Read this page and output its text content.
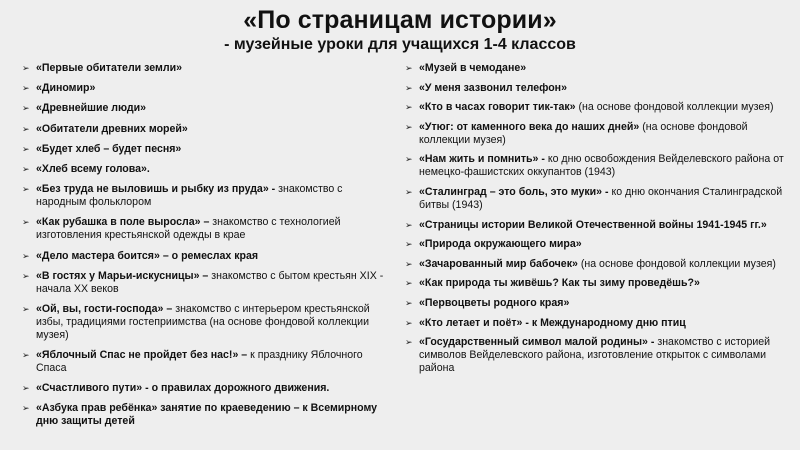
«По страницам истории»
- музейные уроки для учащихся 1-4 классов
➢ «Первые обитатели земли»
➢ «Диномир»
➢ «Древнейшие люди»
➢ «Обитатели древних морей»
➢ «Будет хлеб – будет песня»
➢ «Хлеб всему голова».
➢ «Без труда не выловишь и рыбку из пруда» - знакомство с народным фольклором
➢ «Как рубашка в поле выросла» – знакомство с технологией изготовления крестьянской одежды в крае
➢ «Дело мастера боится» – о ремеслах края
➢ «В гостях у Марьи-искусницы» – знакомство с бытом крестьян XIX - начала XX веков
➢ «Ой, вы, гости-господа» – знакомство с интерьером крестьянской избы, традициями гостеприимства (на основе фондовой коллекции музея)
➢ «Яблочный Спас не пройдет без нас!» – к празднику Яблочного Спаса
➢ «Счастливого пути» - о правилах дорожного движения.
➢ «Азбука прав ребёнка» занятие по краеведению – к Всемирному дню защиты детей
➢ «Музей в чемодане»
➢ «У меня зазвонил телефон»
➢ «Кто в часах говорит тик-так» (на основе фондовой коллекции музея)
➢ «Утюг: от каменного века до наших дней» (на основе фондовой коллекции музея)
➢ «Нам жить и помнить» - ко дню освобождения Вейделевского района от немецко-фашистских оккупантов (1943)
➢ «Сталинград – это боль, это муки» - ко дню окончания Сталинградской битвы (1943)
➢ «Страницы истории Великой Отечественной войны 1941-1945 гг.»
➢ «Природа окружающего мира»
➢ «Зачарованный мир бабочек» (на основе фондовой коллекции музея)
➢ «Как природа ты живёшь? Как ты зиму проведёшь?»
➢ «Первоцветы родного края»
➢ «Кто летает и поёт» - к Международному дню птиц
➢ «Государственный символ малой родины» - знакомство с историей символов Вейделевского района, изготовление открыток с символами района
